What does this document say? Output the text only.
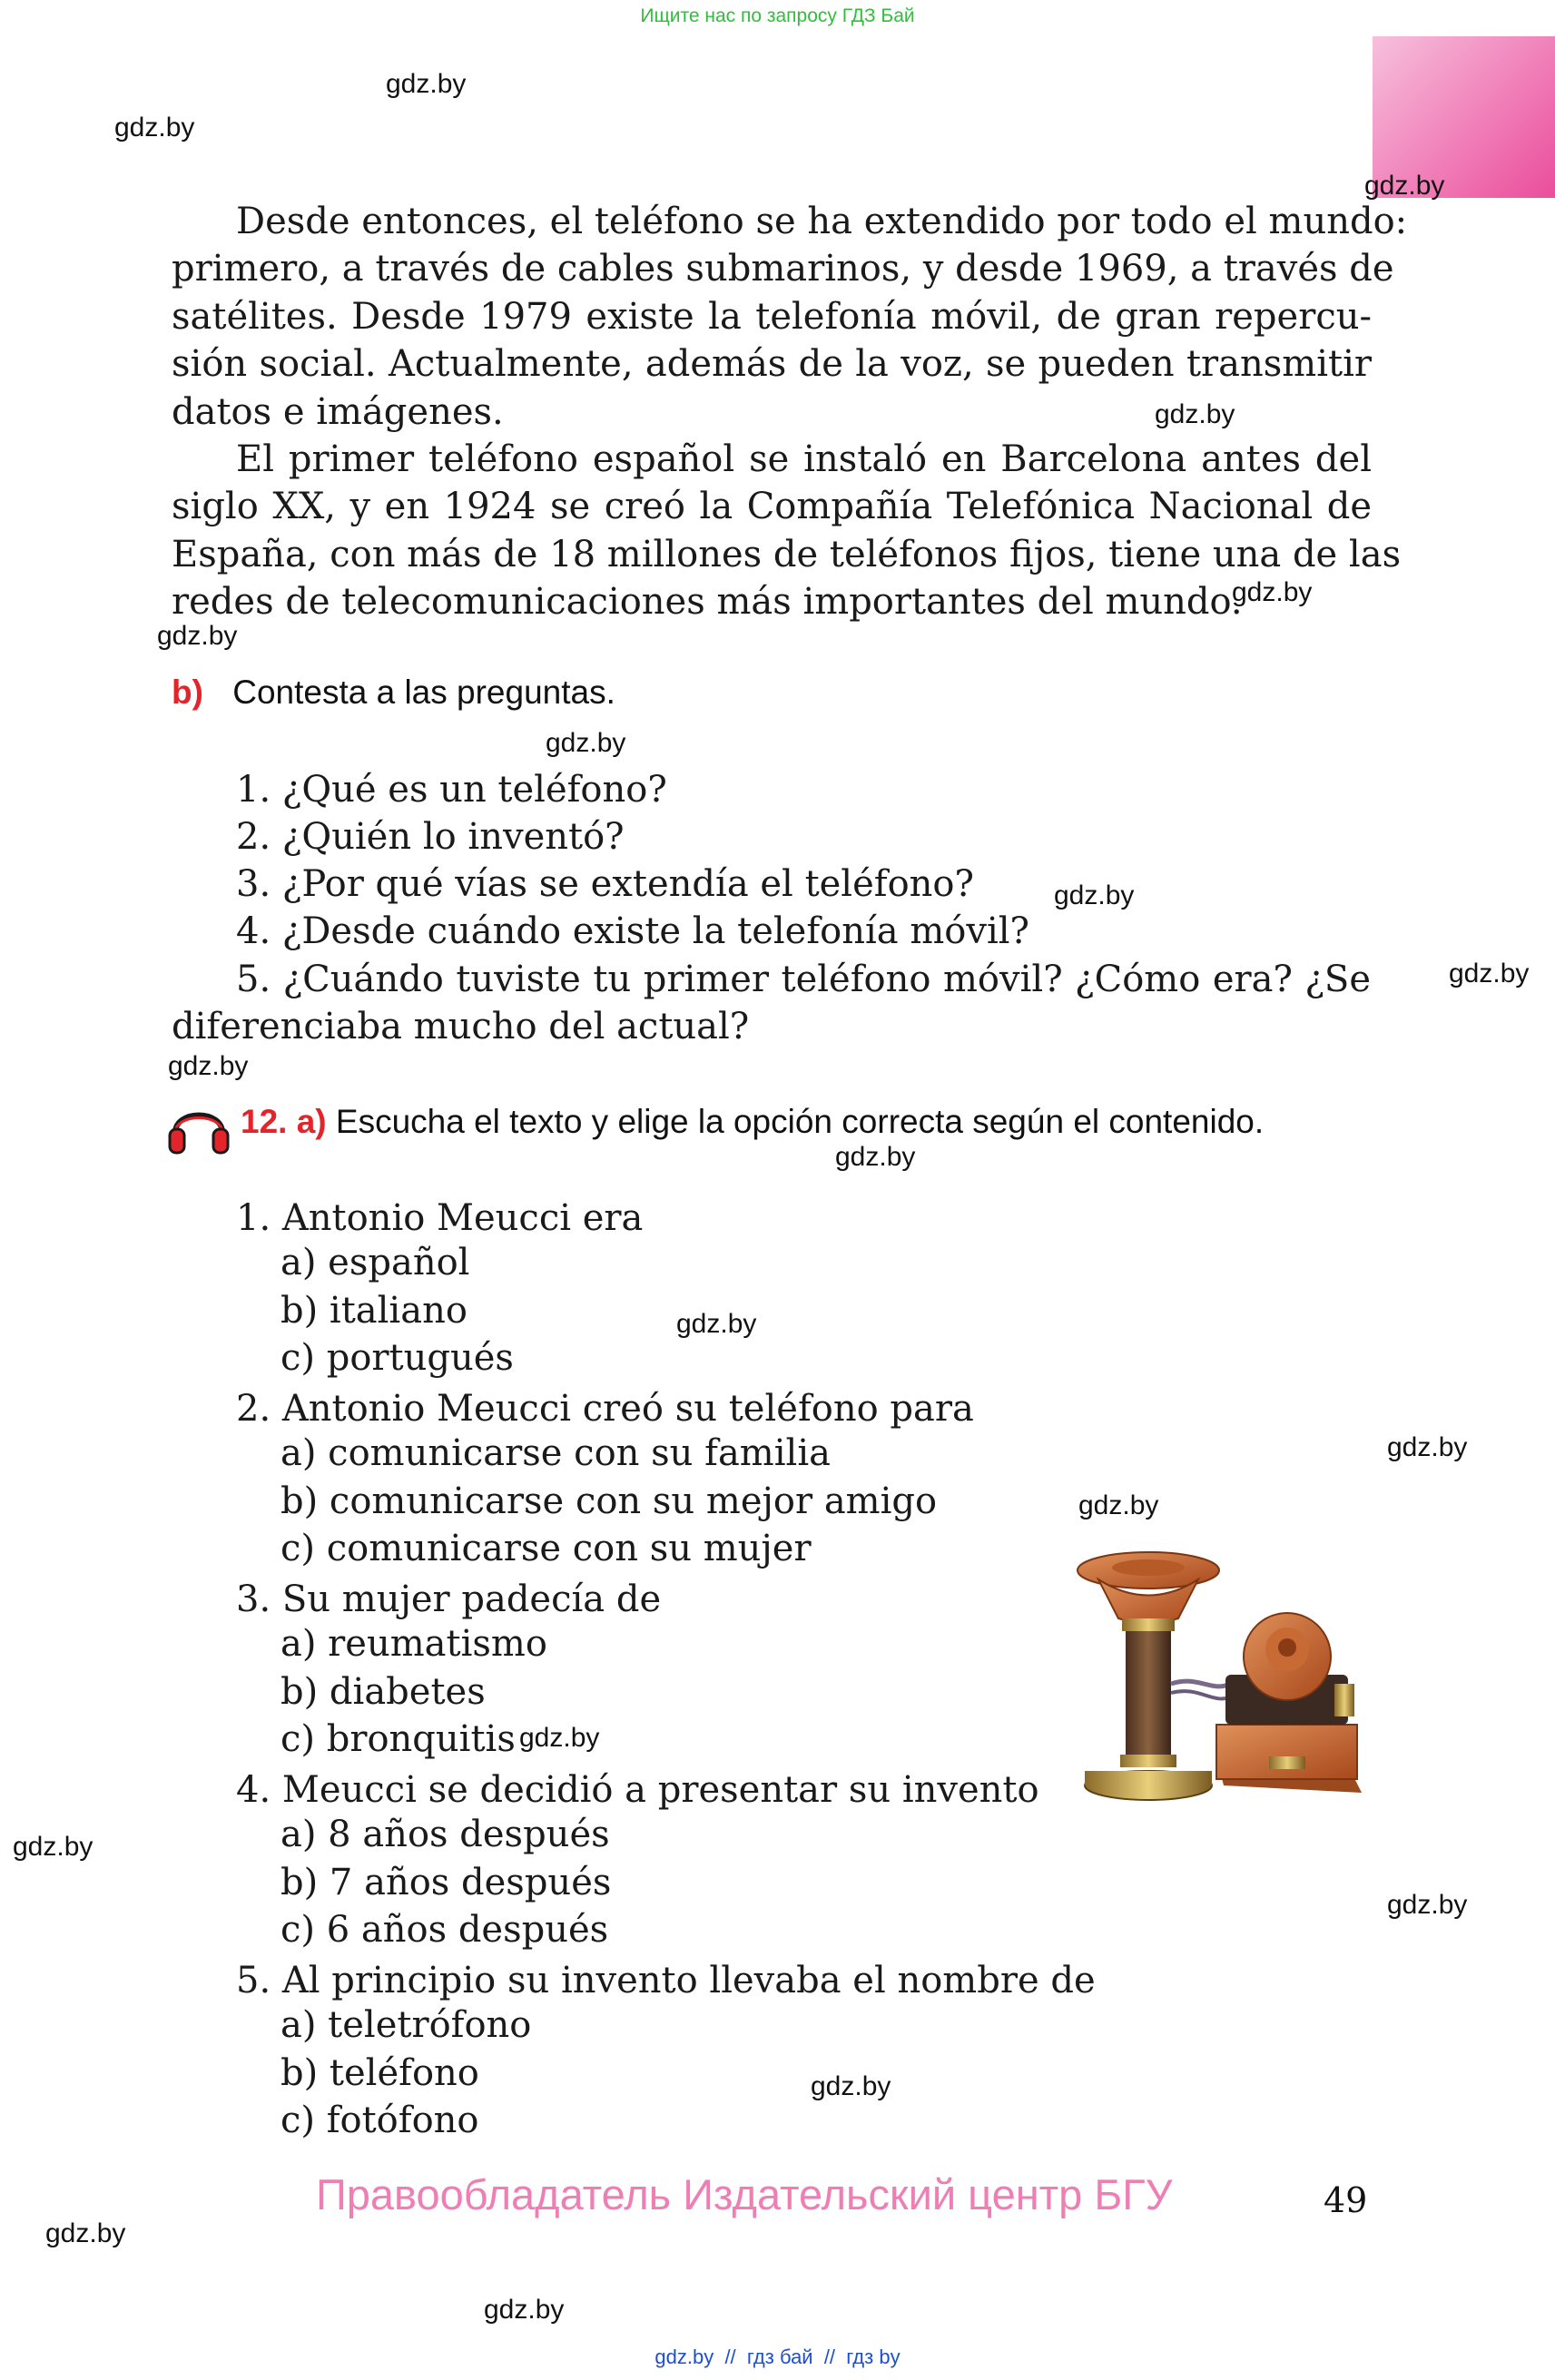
Ищите нас по запросу ГДЗ Бай
gdz.by
gdz.by
gdz.by
gdz.by
gdz.by
gdz.by
gdz.by
gdz.by
gdz.by
gdz.by
gdz.by
gdz.by
gdz.by
gdz.by
gdz.by
gdz.by
gdz.by
gdz.by
gdz.by
gdz.by
Desde entonces, el teléfono se ha extendido por todo el mundo:
primero, a través de cables submarinos, y desde 1969, a través de
satélites. Desde 1979 existe la telefonía móvil, de gran repercu-
sión social. Actualmente, además de la voz, se pueden transmitir
datos e imágenes.
El primer teléfono español se instaló en Barcelona antes del
siglo XX, y en 1924 se creó la Compañía Telefónica Nacional de
España, con más de 18 millones de teléfonos fijos, tiene una de las
redes de telecomunicaciones más importantes del mundo.
b) Contesta a las preguntas.
1. ¿Qué es un teléfono?
2. ¿Quién lo inventó?
3. ¿Por qué vías se extendía el teléfono?
4. ¿Desde cuándo existe la telefonía móvil?
5. ¿Cuándo tuviste tu primer teléfono móvil? ¿Cómo era? ¿Se
diferenciaba mucho del actual?
12. a) Escucha el texto y elige la opción correcta según el contenido.
1. Antonio Meucci era
a) español
b) italiano
c) portugués
2. Antonio Meucci creó su teléfono para
a) comunicarse con su familia
b) comunicarse con su mejor amigo
c) comunicarse con su mujer
3. Su mujer padecía de
a) reumatismo
b) diabetes
c) bronquitis
4. Meucci se decidió a presentar su invento
a) 8 años después
b) 7 años después
c) 6 años después
5. Al principio su invento llevaba el nombre de
a) teletrófono
b) teléfono
c) fotófono
Правообладатель Издательский центр БГУ	49
gdz.by  //  гдз бай  //  гдз by
